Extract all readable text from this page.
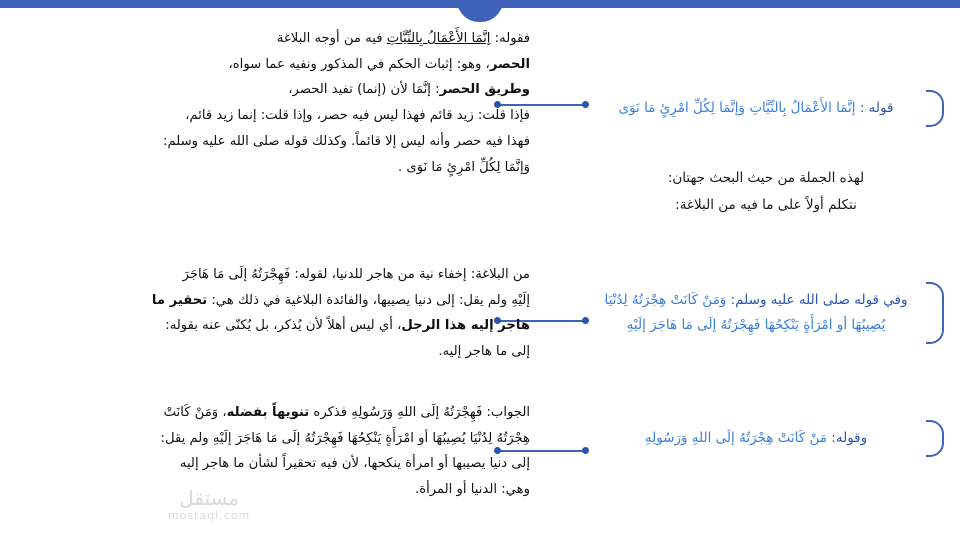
قوله : إنَّمَا الأَعْمَالُ بِالنِّيَّاتِ وَإنَّمَا لِكُلِّ امْرِئٍ مَا نَوَى
وفي قوله صلى الله عليه وسلم: وَمَنْ كَانَتْ هِجْرَتُهُ لِدُنْيَا يُصِيبُهَا أو امْرَأَةٍ يَنْكِحُهَا فَهِجْرَتُهُ إلَى مَا هَاجَرَ إلَيْهِ
وقوله: مَنْ كَانَتْ هِجْرَتُهُ إلَى اللهِ وَرَسُولِهِ
لهذه الجملة من حيث البحث جهتان:
نتكلم أولاً على ما فيه من البلاغة:
فقوله: إنَّمَا الأَعْمَالُ بِالنِّيَّاتِ فيه من أوجه البلاغة
الحصر، وهو: إثبات الحكم في المذكور ونفيه عما سواه،
وطريق الحصر: إنَّمَا لأن (إنما) تفيد الحصر،
فإذا قلت: زيد قائم فهذا ليس فيه حصر، وإذا قلت: إنما زيد قائم،
فهذا فيه حصر وأنه ليس إلا قائماً. وكذلك قوله صلى الله عليه وسلم:
وَإنَّمَا لِكُلِّ امْرِئٍ مَا نَوَى .
من البلاغة: إخفاء نية من هاجر للدنيا، لقوله: فَهِجْرَتُهُ إلَى مَا هَاجَرَ
إلَيْهِ ولم يقل: إلى دنيا يصيبها، والفائدة البلاغية في ذلك هي: تحقير ما
هاجر إليه هذا الرجل، أي ليس أهلاً لأن يُذكر، بل يُكنّى عنه بقوله:
إلى ما هاجر إليه.
الجواب: فَهِجْرَتُهُ إلَى اللهِ وَرَسُولِهِ فذكره تنويهاً بفضله، وَمَنْ كَانَتْ
هِجْرَتُهُ لِدُنْيَا يُصِيبُهَا أو امْرَأَةٍ يَنْكِحُهَا فَهِجْرَتُهُ إلَى مَا هَاجَرَ إلَيْهِ ولم يقل:
إلى دنيا يصيبها أو امرأة ينكحها، لأن فيه تحقيراً لشأن ما هاجر إليه
وهي: الدنيا أو المرأة.
مستقل
mostaql.com
